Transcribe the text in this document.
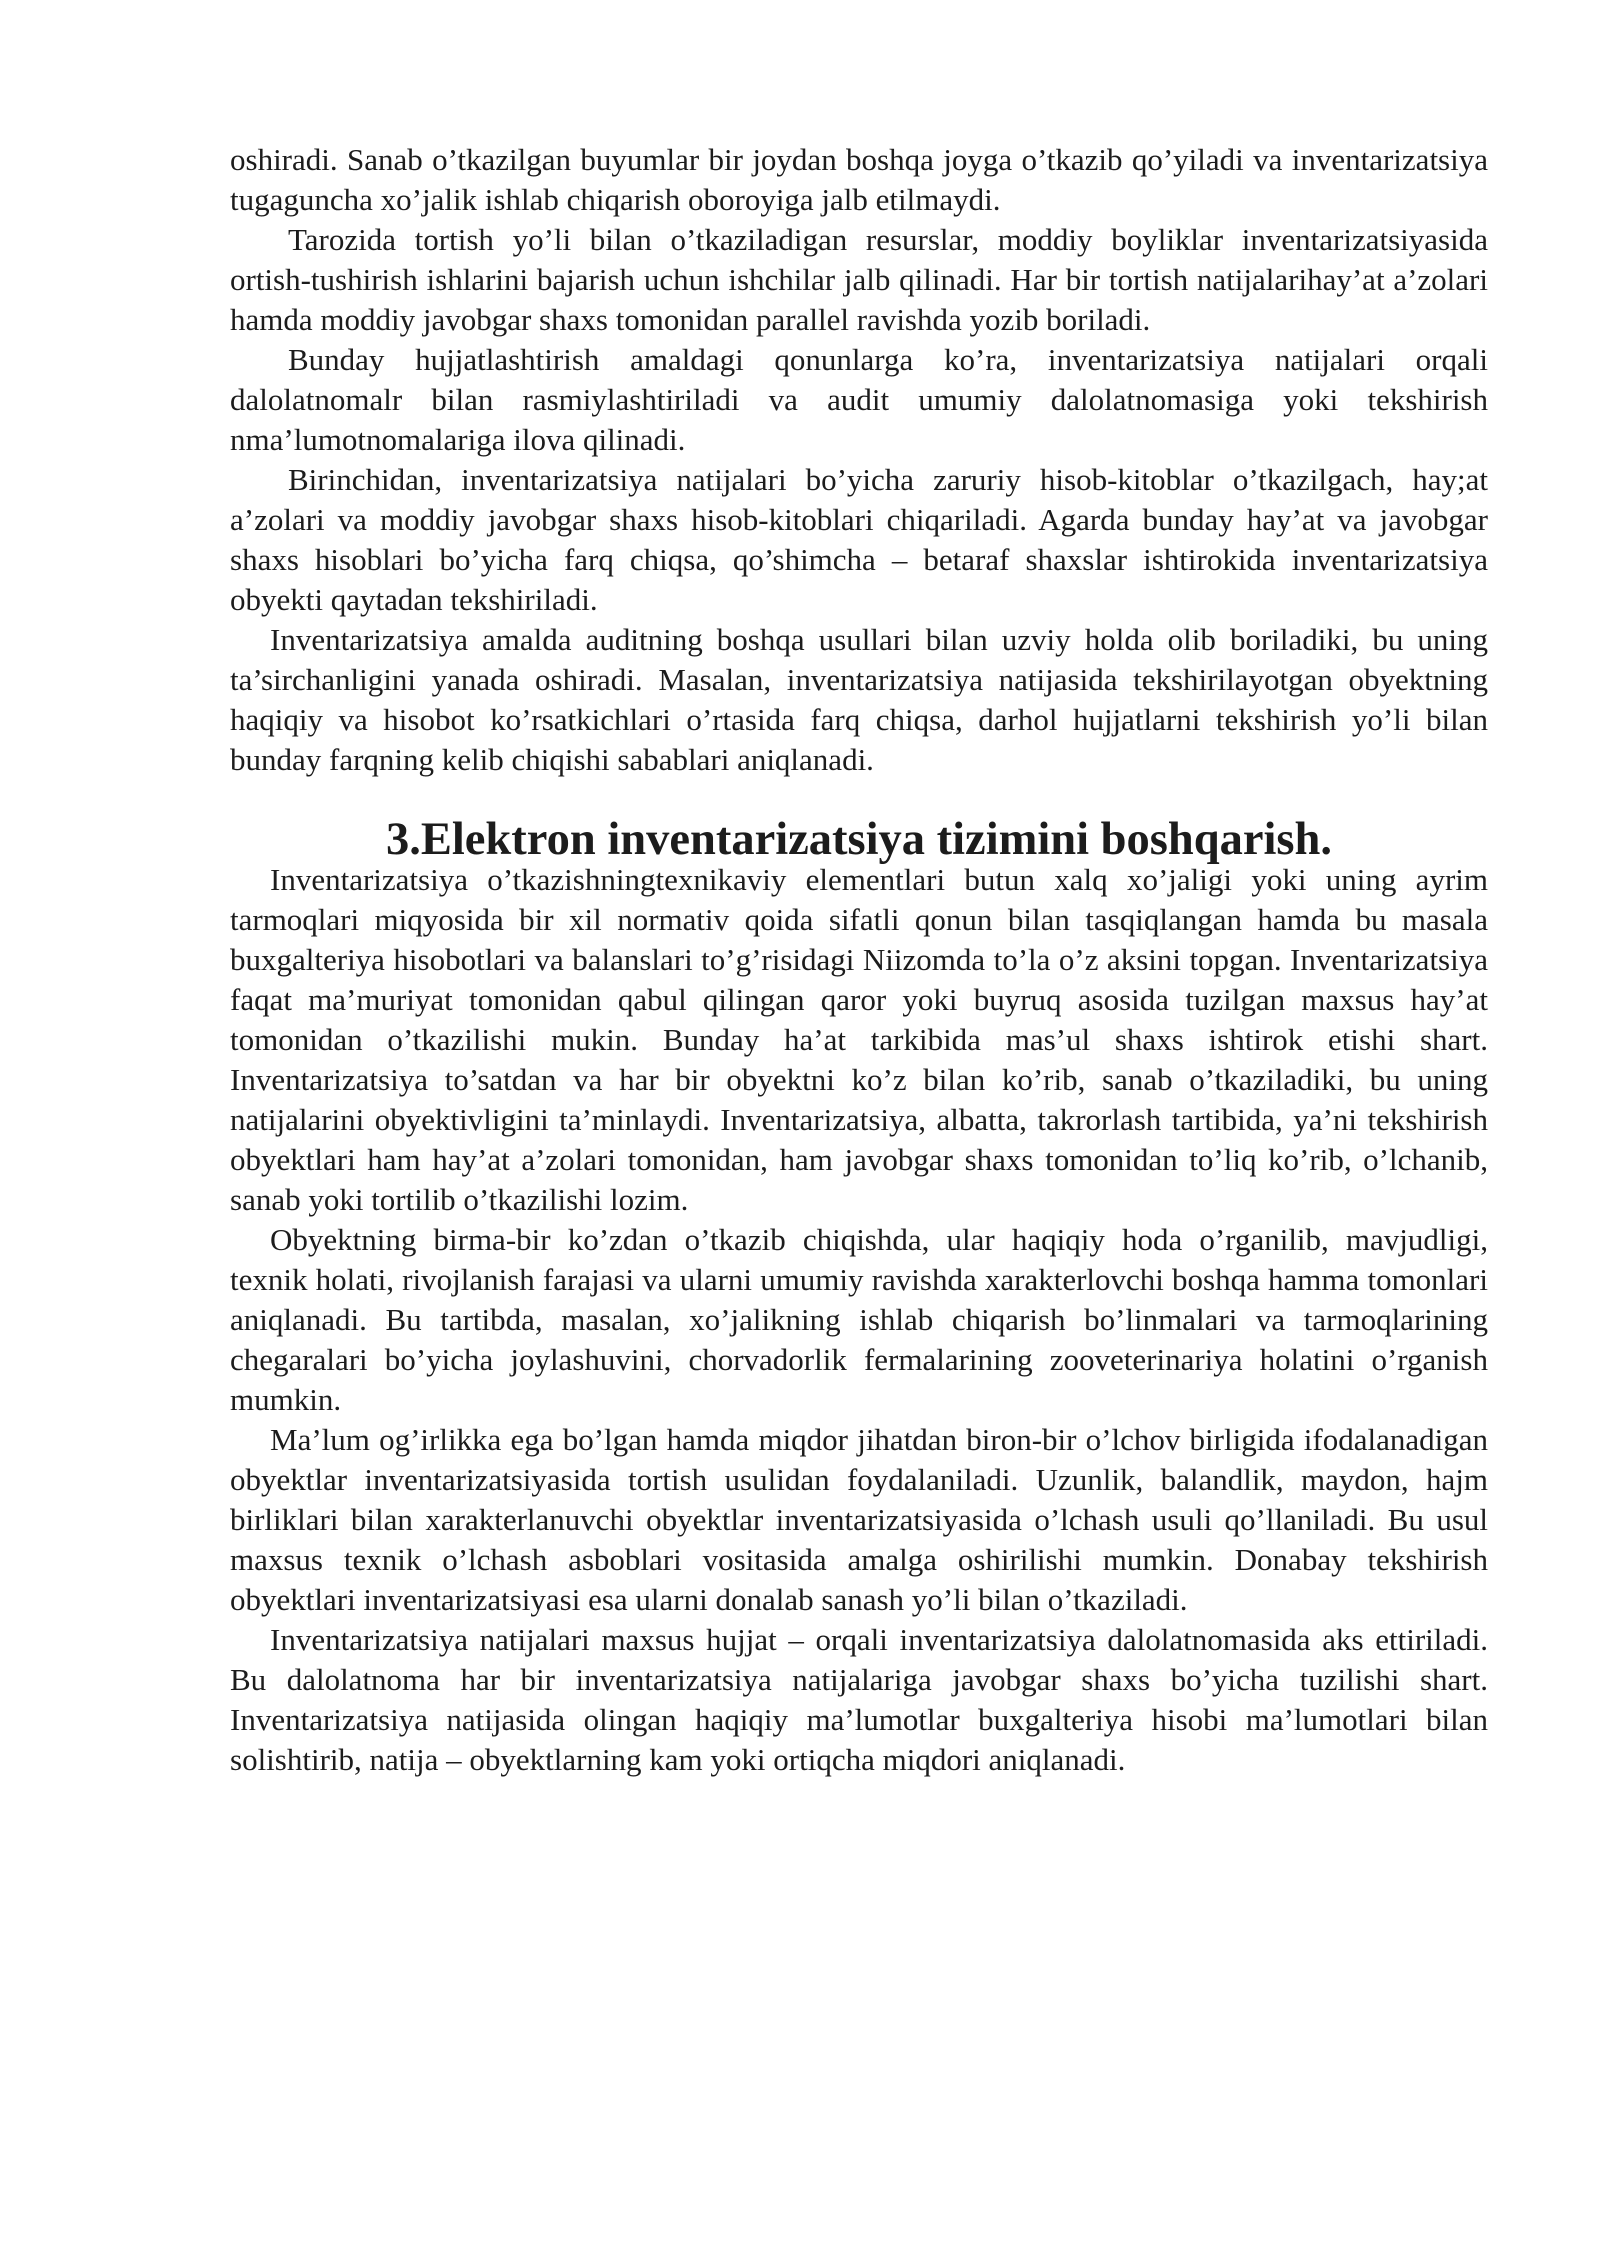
oshiradi. Sanab o’tkazilgan buyumlar bir joydan boshqa joyga o’tkazib qo’yiladi va inventarizatsiya tugaguncha xo’jalik ishlab chiqarish oboroyiga jalb etilmaydi.

Tarozida tortish yo’li bilan o’tkaziladigan resurslar, moddiy boyliklar inventarizatsiyasida ortish-tushirish ishlarini bajarish uchun ishchilar jalb qilinadi. Har bir tortish natijalarihay’at a’zolari hamda moddiy javobgar shaxs tomonidan parallel ravishda yozib boriladi.

Bunday hujjatlashtirish amaldagi qonunlarga ko’ra, inventarizatsiya natijalari orqali dalolatnomalr bilan rasmiylashtiriladi va audit umumiy dalolatnomasiga yoki tekshirish nma’lumotnomalariga ilova qilinadi.

Birinchidan, inventarizatsiya natijalari bo’yicha zaruriy hisob-kitoblar o’tkazilgach, hay;at a’zolari va moddiy javobgar shaxs hisob-kitoblari chiqariladi. Agarda bunday hay’at va javobgar shaxs hisoblari bo’yicha farq chiqsa, qo’shimcha – betaraf shaxslar ishtirokida inventarizatsiya obyekti qaytadan tekshiriladi.

Inventarizatsiya amalda auditning boshqa usullari bilan uzviy holda olib boriladiki, bu uning ta’sirchanligini yanada oshiradi. Masalan, inventarizatsiya natijasida tekshirilayotgan obyektning haqiqiy va hisobot ko’rsatkichlari o’rtasida farq chiqsa, darhol hujjatlarni tekshirish yo’li bilan bunday farqning kelib chiqishi sabablari aniqlanadi.

3.Elektron inventarizatsiya tizimini boshqarish.

Inventarizatsiya o’tkazishningtexnikaviy elementlari butun xalq xo’jaligi yoki uning ayrim tarmoqlari miqyosida bir xil normativ qoida sifatli qonun bilan tasqiqlangan hamda bu masala buxgalteriya hisobotlari va balanslari to’g’risidagi Niizomda to’la o’z aksini topgan. Inventarizatsiya faqat ma’muriyat tomonidan qabul qilingan qaror yoki buyruq asosida tuzilgan maxsus hay’at tomonidan o’tkazilishi mukin. Bunday ha’at tarkibida mas’ul shaxs ishtirok etishi shart. Inventarizatsiya to’satdan va har bir obyektni ko’z bilan ko’rib, sanab o’tkaziladiki, bu uning natijalarini obyektivligini ta’minlaydi. Inventarizatsiya, albatta, takrorlash tartibida, ya’ni tekshirish obyektlari ham hay’at a’zolari tomonidan, ham javobgar shaxs tomonidan to’liq ko’rib, o’lchanib, sanab yoki tortilib o’tkazilishi lozim.

Obyektning birma-bir ko’zdan o’tkazib chiqishda, ular haqiqiy hoda o’rganilib, mavjudligi, texnik holati, rivojlanish farajasi va ularni umumiy ravishda xarakterlovchi boshqa hamma tomonlari aniqlanadi. Bu tartibda, masalan, xo’jalikning ishlab chiqarish bo’linmalari va tarmoqlarining chegaralari bo’yicha joylashuvini, chorvadorlik fermalarining zooveterinariya holatini o’rganish mumkin.

Ma’lum og’irlikka ega bo’lgan hamda miqdor jihatdan biron-bir o’lchov birligida ifodalanadigan obyektlar inventarizatsiyasida tortish usulidan foydalaniladi. Uzunlik, balandlik, maydon, hajm birliklari bilan xarakterlanuvchi obyektlar inventarizatsiyasida o’lchash usuli qo’llaniladi. Bu usul maxsus texnik o’lchash asboblari vositasida amalga oshirilishi mumkin. Donabay tekshirish obyektlari inventarizatsiyasi esa ularni donalab sanash yo’li bilan o’tkaziladi.

Inventarizatsiya natijalari maxsus hujjat – orqali inventarizatsiya dalolatnomasida aks ettiriladi. Bu dalolatnoma har bir inventarizatsiya natijalariga javobgar shaxs bo’yicha tuzilishi shart. Inventarizatsiya natijasida olingan haqiqiy ma’lumotlar buxgalteriya hisobi ma’lumotlari bilan solishtirib, natija – obyektlarning kam yoki ortiqcha miqdori aniqlanadi.
